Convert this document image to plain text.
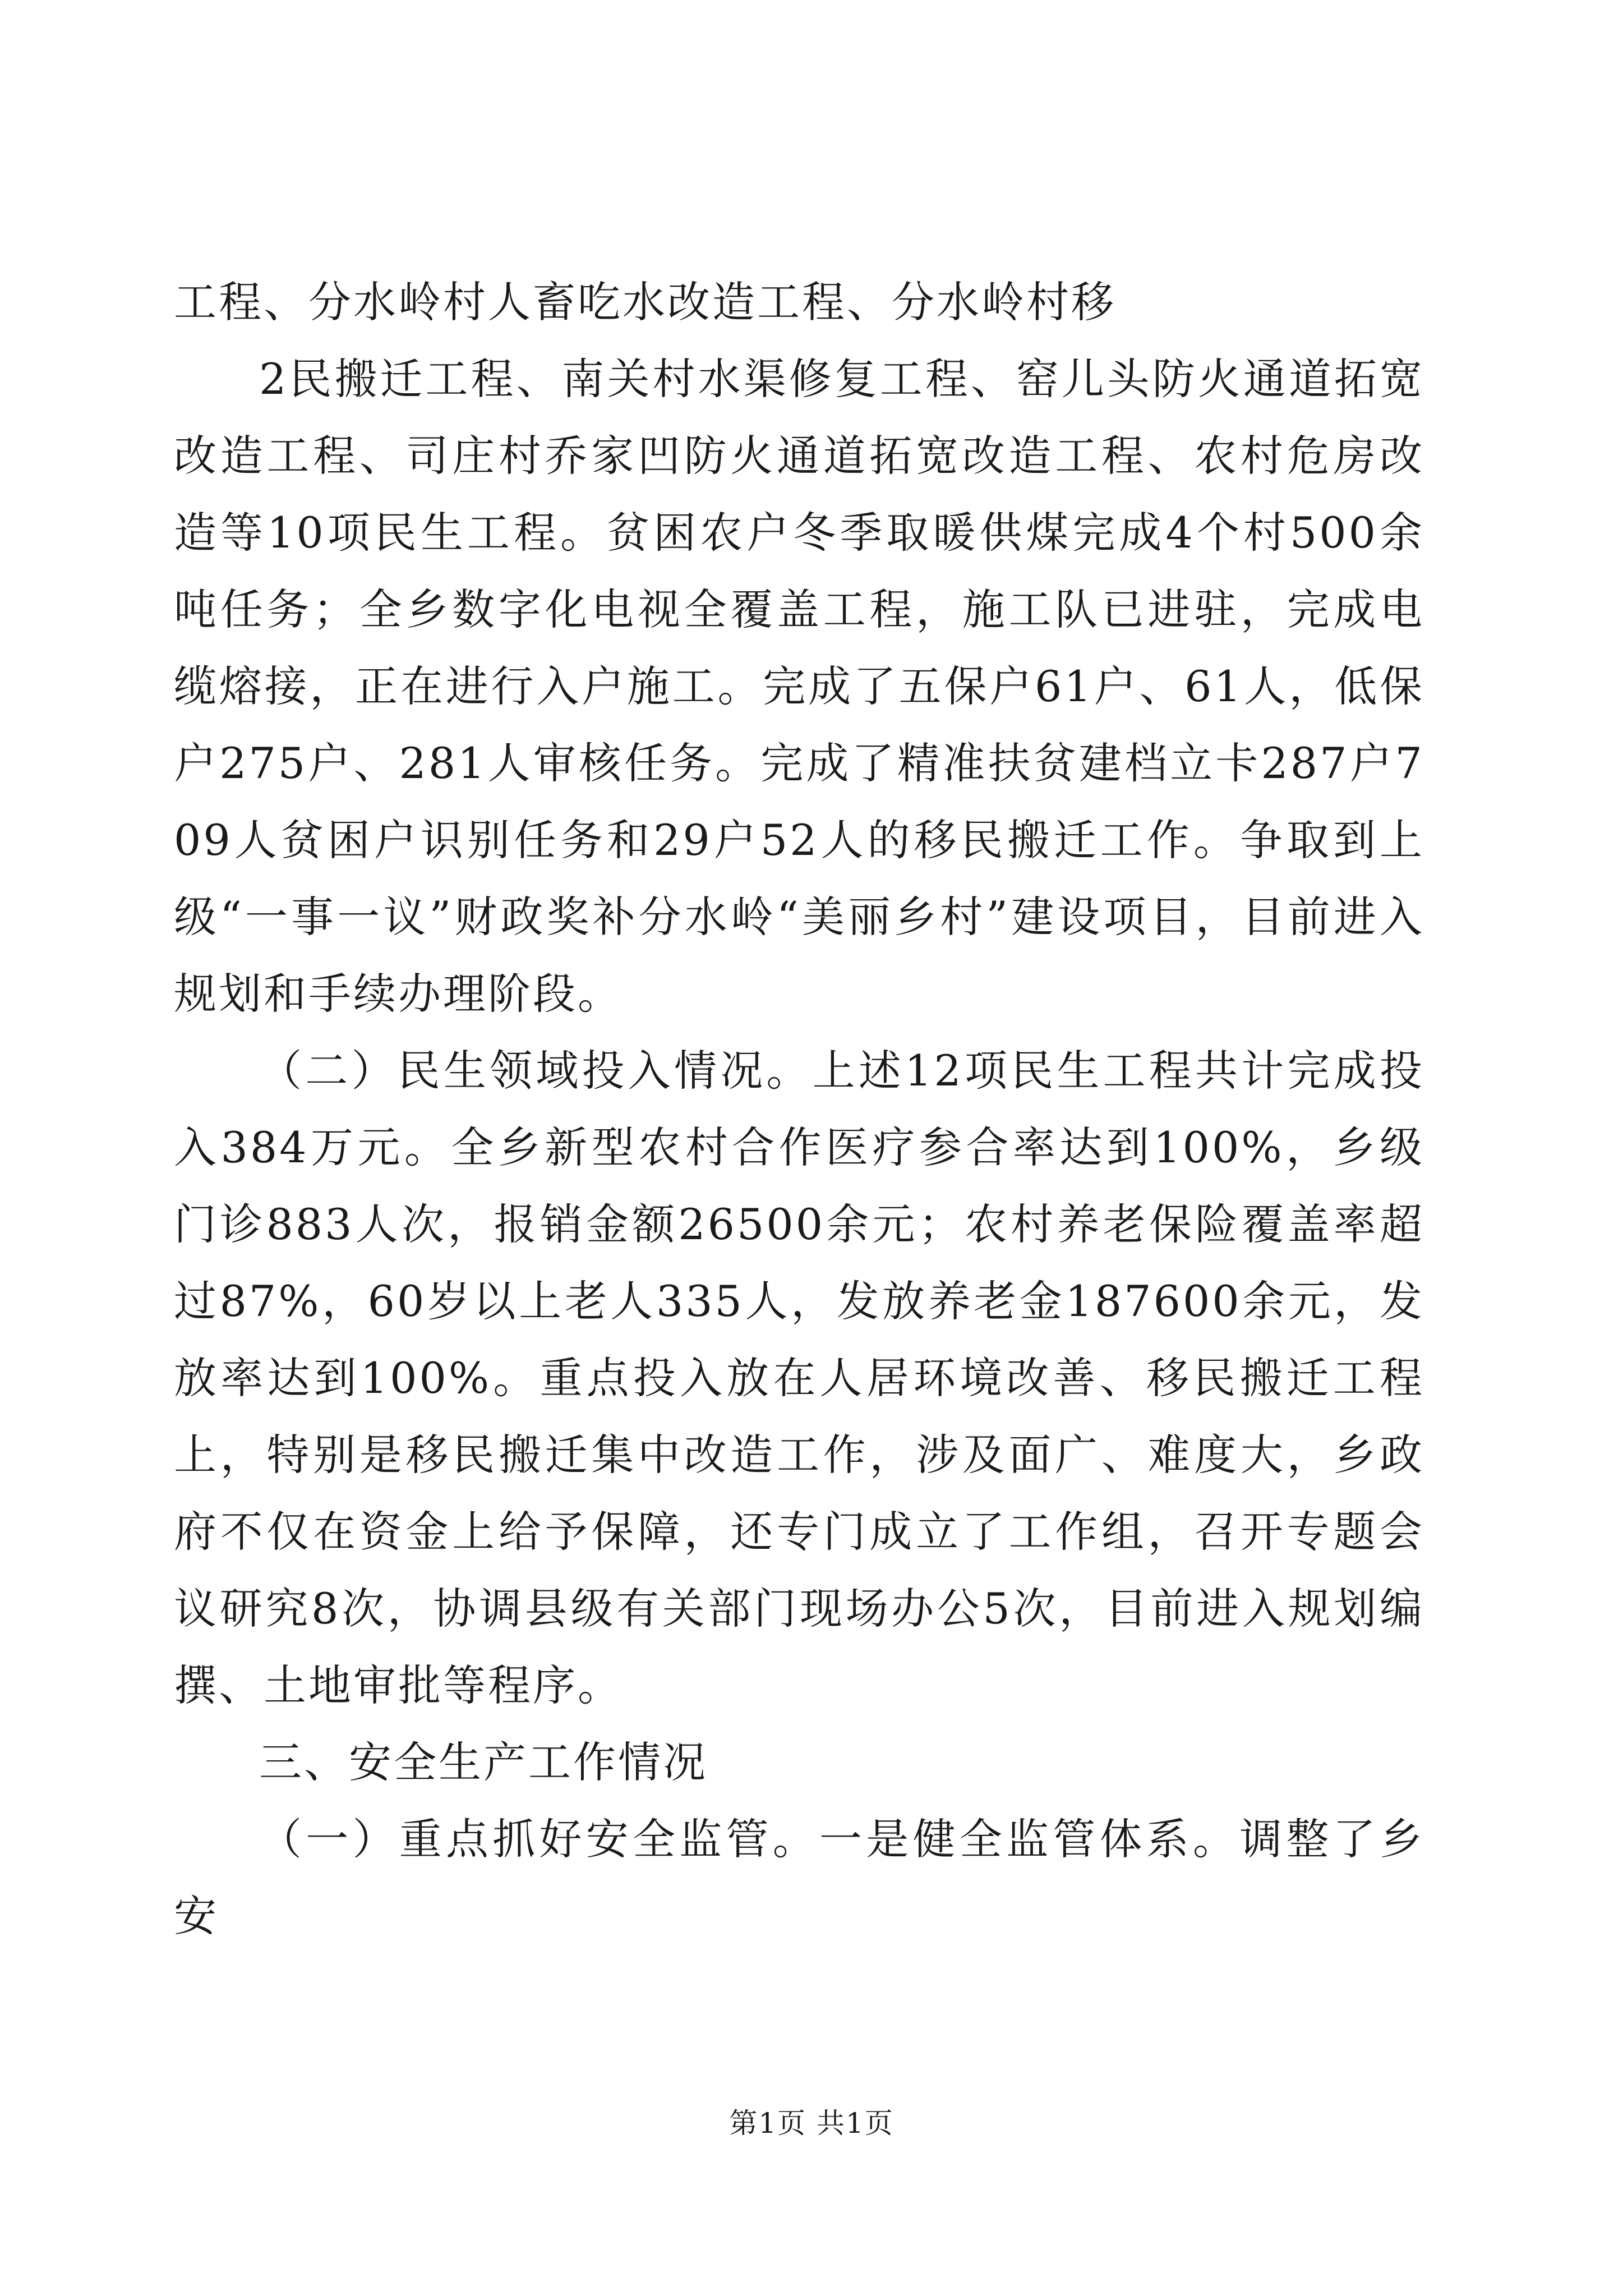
工程、分水岭村人畜吃水改造工程、分水岭村移

2民搬迁工程、南关村水渠修复工程、窑儿头防火通道拓宽改造工程、司庄村乔家凹防火通道拓宽改造工程、农村危房改造等10项民生工程。贫困农户冬季取暖供煤完成4个村500余吨任务；全乡数字化电视全覆盖工程，施工队已进驻，完成电缆熔接，正在进行入户施工。完成了五保户61户、61人，低保户275户、281人审核任务。完成了精准扶贫建档立卡287户709人贫困户识别任务和29户52人的移民搬迁工作。争取到上级“一事一议”财政奖补分水岭“美丽乡村”建设项目，目前进入规划和手续办理阶段。

（二）民生领域投入情况。上述12项民生工程共计完成投入384万元。全乡新型农村合作医疗参合率达到100%，乡级门诊883人次，报销金额26500余元；农村养老保险覆盖率超过87%，60岁以上老人335人，发放养老金187600余元，发放率达到100%。重点投入放在人居环境改善、移民搬迁工程上，特别是移民搬迁集中改造工作，涉及面广、难度大，乡政府不仅在资金上给予保障，还专门成立了工作组，召开专题会议研究8次，协调县级有关部门现场办公5次，目前进入规划编撰、土地审批等程序。

三、安全生产工作情况

（一）重点抓好安全监管。一是健全监管体系。调整了乡安

第1页 共1页
